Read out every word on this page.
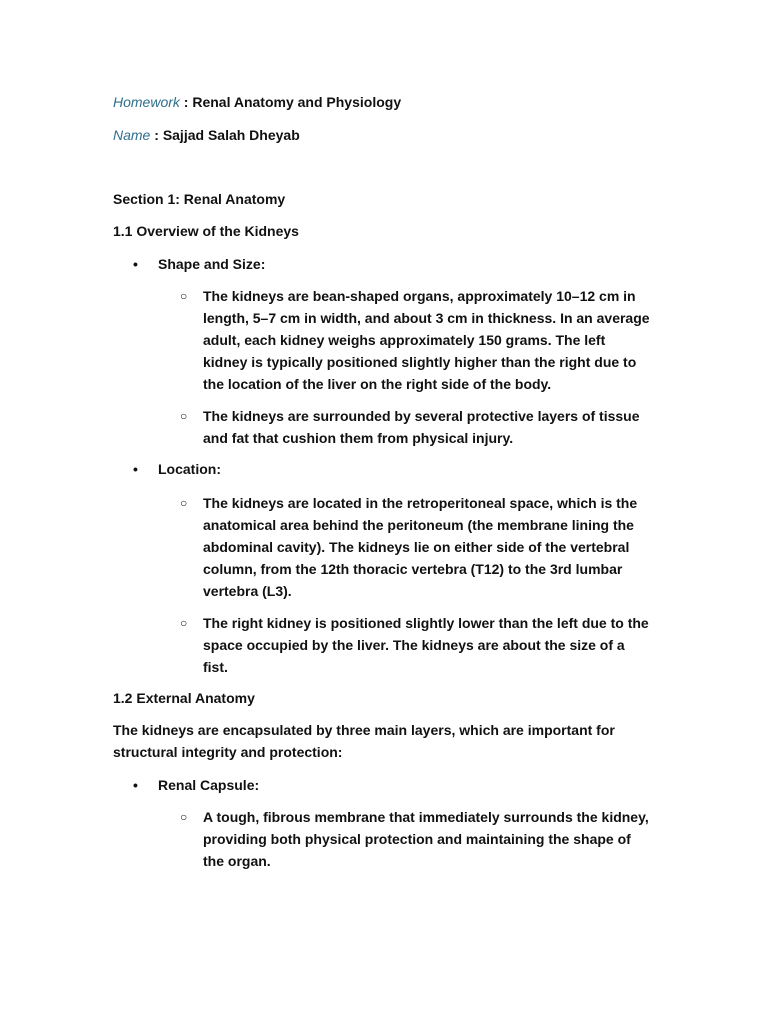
Homework : Renal Anatomy and Physiology
Name : Sajjad Salah Dheyab
Section 1: Renal Anatomy
1.1 Overview of the Kidneys
• Shape and Size:
○	The kidneys are bean-shaped organs, approximately 10–12 cm in length, 5–7 cm in width, and about 3 cm in thickness. In an average adult, each kidney weighs approximately 150 grams. The left kidney is typically positioned slightly higher than the right due to the location of the liver on the right side of the body.
○	The kidneys are surrounded by several protective layers of tissue and fat that cushion them from physical injury.
• Location:
○	The kidneys are located in the retroperitoneal space, which is the anatomical area behind the peritoneum (the membrane lining the abdominal cavity). The kidneys lie on either side of the vertebral column, from the 12th thoracic vertebra (T12) to the 3rd lumbar vertebra (L3).
○	The right kidney is positioned slightly lower than the left due to the space occupied by the liver. The kidneys are about the size of a fist.
1.2 External Anatomy
The kidneys are encapsulated by three main layers, which are important for structural integrity and protection:
• Renal Capsule:
○	A tough, fibrous membrane that immediately surrounds the kidney, providing both physical protection and maintaining the shape of the organ.
